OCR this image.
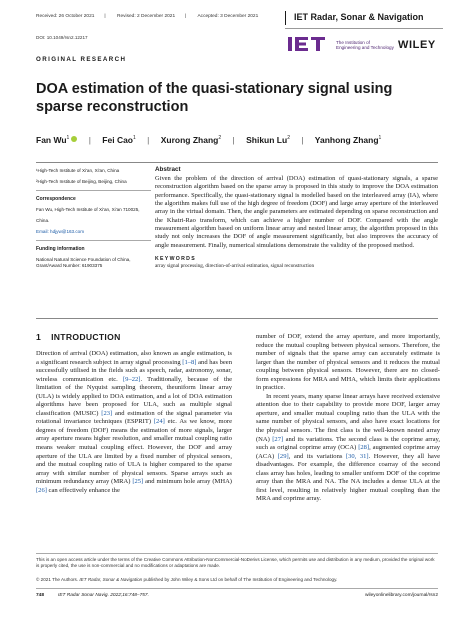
Received: 26 October 2021 | Revised: 2 December 2021 | Accepted: 3 December 2021
DOI: 10.1049/rsn2.12217
IET Radar, Sonar & Navigation
The Institution of
Engineering and Technology WILEY
ORIGINAL RESEARCH
DOA estimation of the quasi-stationary signal using sparse reconstruction
Fan Wu$^1$ | Fei Cao$^1$ | Xurong Zhang$^2$ | Shikun Lu$^2$ | Yanhong Zhang$^1$
¹High-Tech Institute of Xi'an, Xi'an, China
²High-Tech Institute of Beijing, Beijing, China
Correspondence
Fan Wu, High-Tech Institute of Xi'an, Xi'an 710025,
China.
Email: hdjyw@163.com
Funding information
National Natural Science Foundation of China, Grant/Award Number: 61903375
Abstract
Given the problem of the direction of arrival (DOA) estimation of quasi-stationary signals, a sparse reconstruction algorithm based on the sparse array is proposed in this study to improve the DOA estimation performance. Specifically, the quasi-stationary signal is modelled based on the interleaved array (IA), where the algorithm makes full use of the high degree of freedom (DOF) and large array aperture of the interleaved array in the virtual domain. Then, the angle parameters are estimated depending on sparse reconstruction and the Khatri-Rao transform, which can achieve a higher number of DOF. Compared with the angle measurement algorithm based on uniform linear array and nested linear array, the algorithm proposed in this study not only increases the DOF of angle measurement significantly, but also improves the accuracy of angle measurement. Finally, numerical simulations demonstrate the validity of the proposed method.
KEYWORDS
array signal processing, direction-of-arrival estimation, signal reconstruction
1 INTRODUCTION

Direction of arrival (DOA) estimation, also known as angle estimation, is a significant research subject in array signal processing [1–8] and has been successfully utilised in the fields such as speech, radar, astronomy, sonar, wireless communication etc. [9–22]. Traditionally, because of the limitation of the Nyquist sampling theorem, theuniform linear array (ULA) is widely applied to DOA estimation, and a lot of DOA estimation algorithms have been proposed for ULA, such as multiple signal classification (MUSIC) [23] and estimation of the signal parameter via rotational invariance techniques (ESPRIT) [24] etc. As we know, more degrees of freedom (DOF) means the estimation of more signals, larger array aperture means higher resolution, and smaller mutual coupling ratio means weaker mutual coupling effect. However, the DOF and array aperture of the ULA are limited by a fixed number of physical sensors, and the mutual coupling ratio of ULA is higher compared to the sparse array with similar number of physical sensors. Sparse arrays such as minimum redundancy array (MRA) [25] and minimum hole array (MHA) [26] can effectively enhance the

number of DOF, extend the array aperture, and more importantly, reduce the mutual coupling between physical sensors. Therefore, the number of signals that the sparse array can accurately estimate is larger than the number of physical sensors and it reduces the mutual coupling between physical sensors. However, there are no closed-form expressions for MRA and MHA, which limits their applications in practice.

In recent years, many sparse linear arrays have received extensive attention due to their capability to provide more DOF, larger array aperture, and smaller mutual coupling ratio than the ULA with the same number of physical sensors, and also have exact locations for the physical sensors. The first class is the well-known nested array (NA) [27] and its variations. The second class is the coprime array, such as original coprime array (OCA) [28], augmented coprime array (ACA) [29], and its variations [30, 31]. However, they all have disadvantages. For example, the difference coarray of the second class array has holes, leading to smaller uniform DOF of the coprime array than the MRA and NA. The NA includes a dense ULA at the first level, resulting in relatively higher mutual coupling than the MRA and coprime array.

This is an open access article under the terms of the Creative Commons Attribution-NonCommercial-NoDerivs License, which permits use and distribution in any medium, provided the original work is properly cited, the use is non-commercial and no modifications or adaptations are made.
© 2021 The Authors. IET Radar, Sonar & Navigation published by John Wiley & Sons Ltd on behalf of The Institution of Engineering and Technology.
748	IET Radar Sonar Navig. 2022;16:748–757.	wileyonlinelibrary.com/journal/rsn2
